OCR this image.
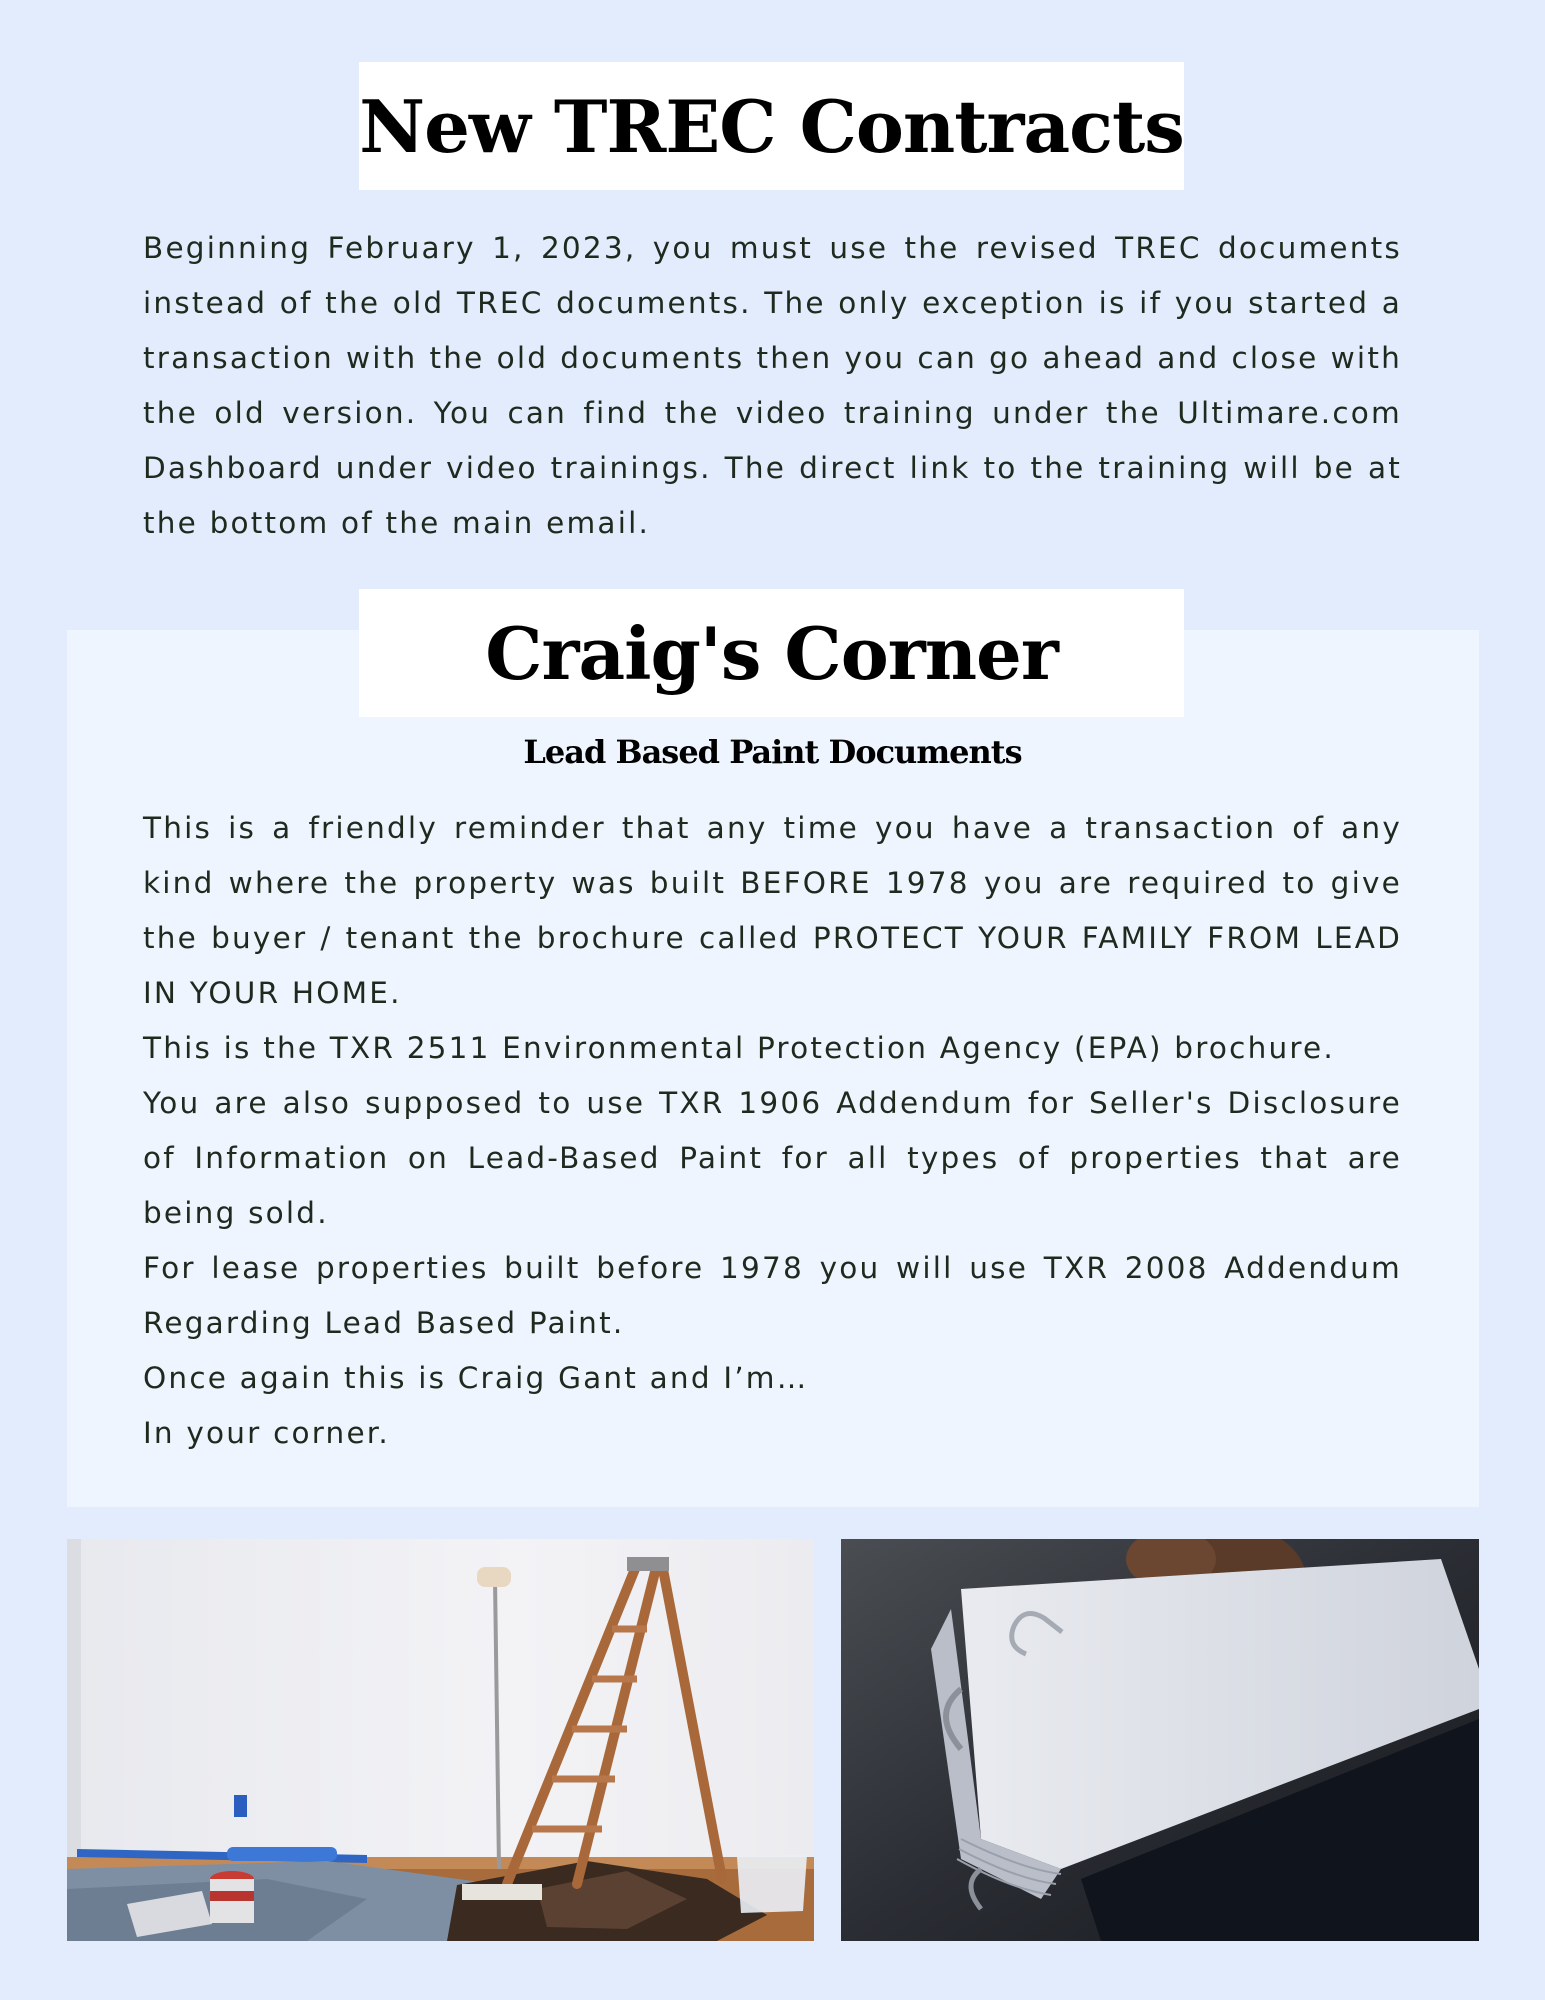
New TREC Contracts

Beginning February 1, 2023, you must use the revised TREC documents instead of the old TREC documents. The only exception is if you started a transaction with the old documents then you can go ahead and close with the old version. You can find the video training under the Ultimare.com Dashboard under video trainings. The direct link to the training will be at the bottom of the main email.

Craig's Corner
Lead Based Paint Documents

This is a friendly reminder that any time you have a transaction of any kind where the property was built BEFORE 1978 you are required to give the buyer / tenant the brochure called PROTECT YOUR FAMILY FROM LEAD IN YOUR HOME.

This is the TXR 2511 Environmental Protection Agency (EPA) brochure.

You are also supposed to use TXR 1906 Addendum for Seller's Disclosure of Information on Lead-Based Paint for all types of properties that are being sold.

For lease properties built before 1978 you will use TXR 2008 Addendum Regarding Lead Based Paint.

Once again this is Craig Gant and I’m…

In your corner.
